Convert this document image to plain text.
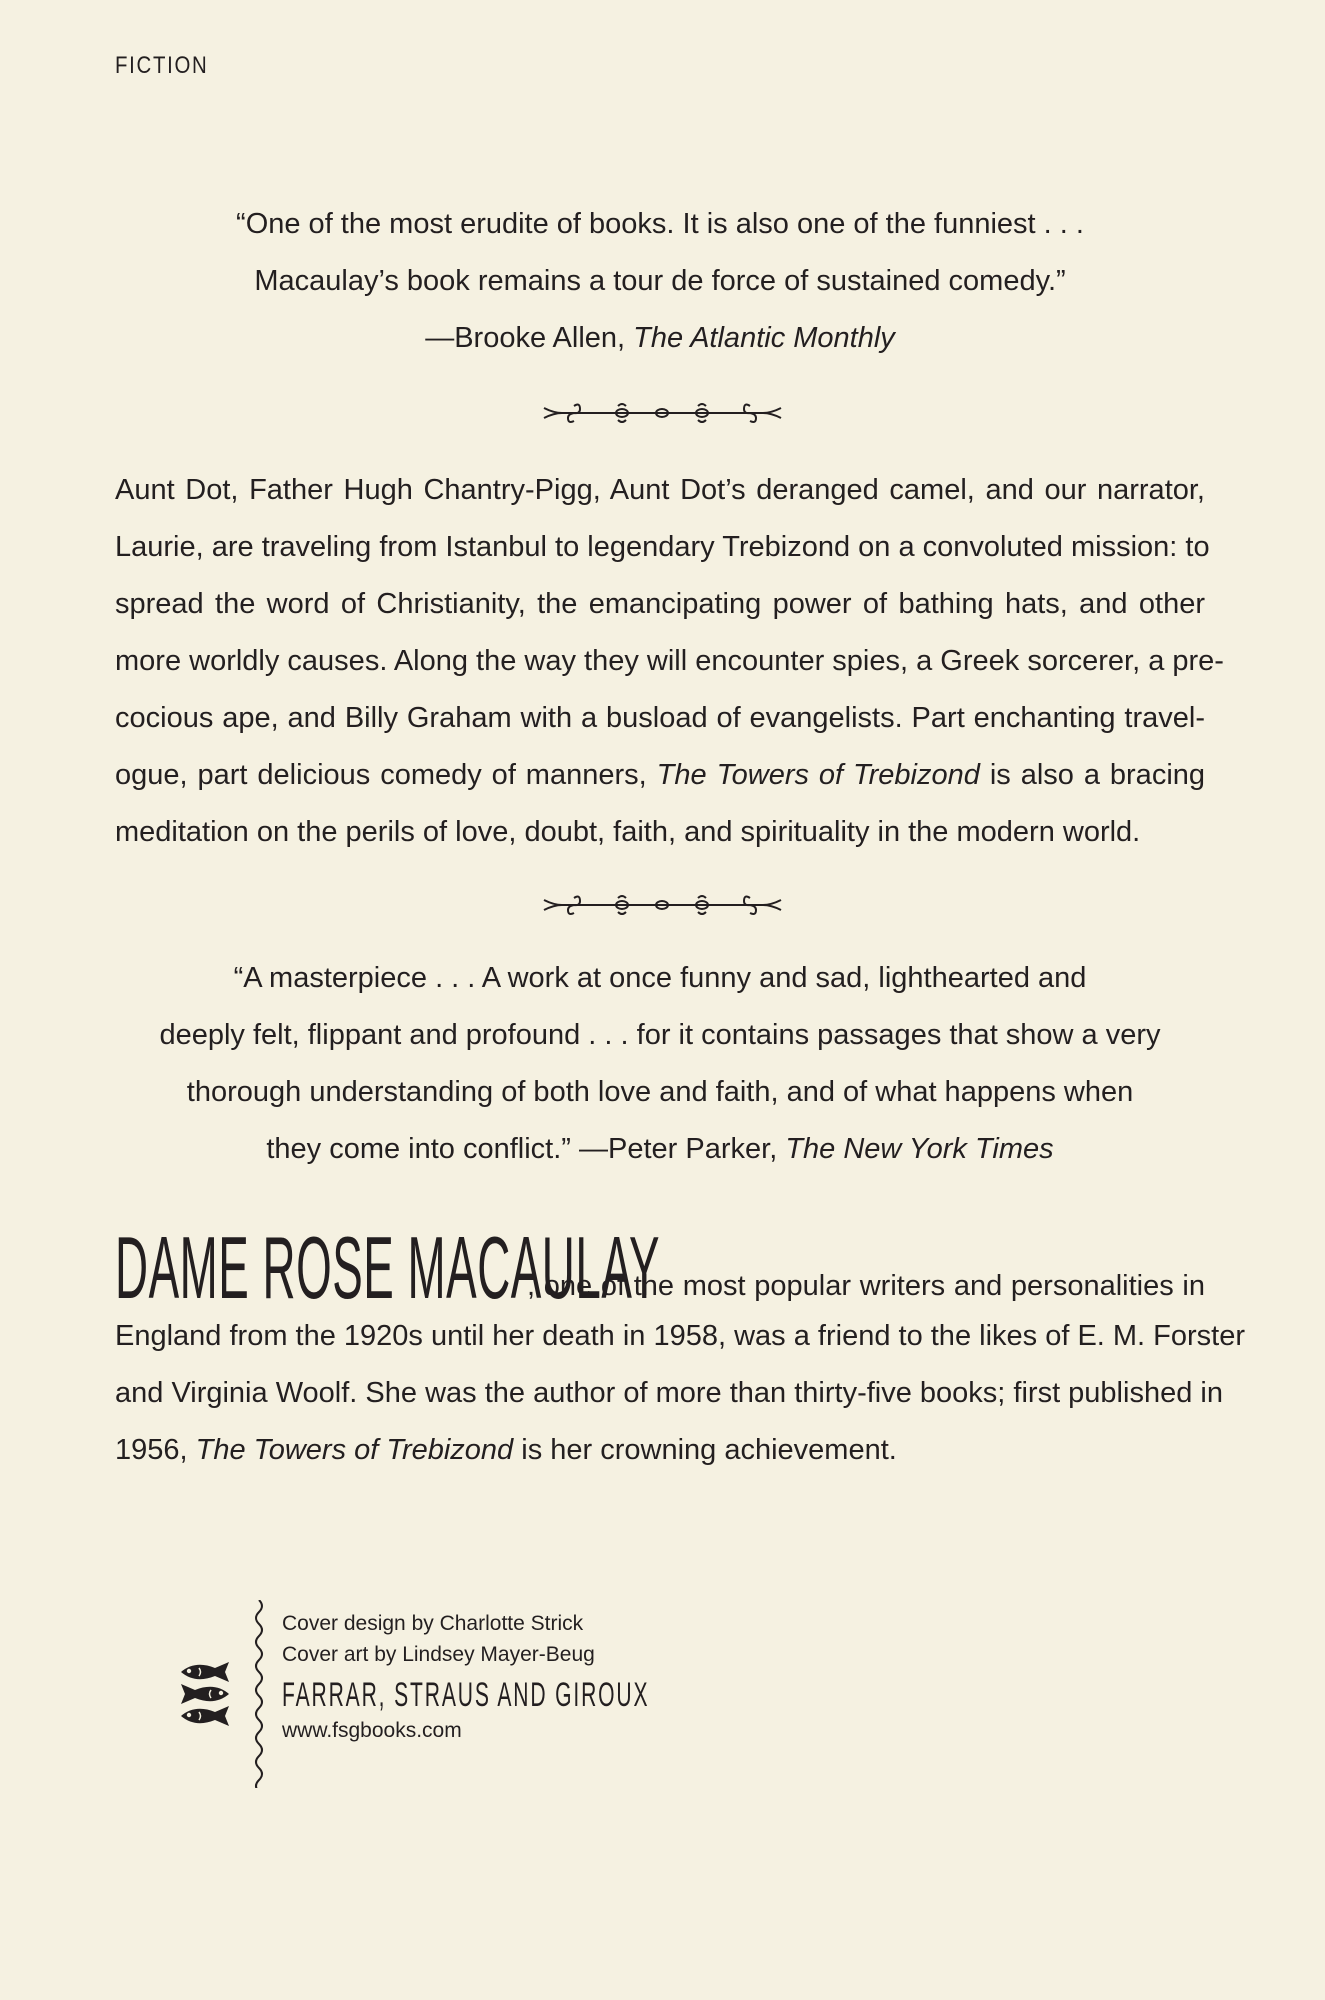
FICTION
“One of the most erudite of books. It is also one of the funniest . . .
Macaulay’s book remains a tour de force of sustained comedy.”
—Brooke Allen, The Atlantic Monthly
Aunt Dot, Father Hugh Chantry-Pigg, Aunt Dot’s deranged camel, and our narrator,
Laurie, are traveling from Istanbul to legendary Trebizond on a convoluted mission: to
spread the word of Christianity, the emancipating power of bathing hats, and other
more worldly causes. Along the way they will encounter spies, a Greek sorcerer, a pre-
cocious ape, and Billy Graham with a busload of evangelists. Part enchanting travel-
ogue, part delicious comedy of manners, The Towers of Trebizond is also a bracing
meditation on the perils of love, doubt, faith, and spirituality in the modern world.
“A masterpiece . . . A work at once funny and sad, lighthearted and
deeply felt, flippant and profound . . . for it contains passages that show a very
thorough understanding of both love and faith, and of what happens when
they come into conflict.” —Peter Parker, The New York Times
DAME ROSE MACAULAY
, one of the most popular writers and personalities in
England from the 1920s until her death in 1958, was a friend to the likes of E. M. Forster
and Virginia Woolf. She was the author of more than thirty-five books; first published in
1956, The Towers of Trebizond is her crowning achievement.
Cover design by Charlotte Strick
Cover art by Lindsey Mayer-Beug
FARRAR, STRAUS AND GIROUX
www.fsgbooks.com
